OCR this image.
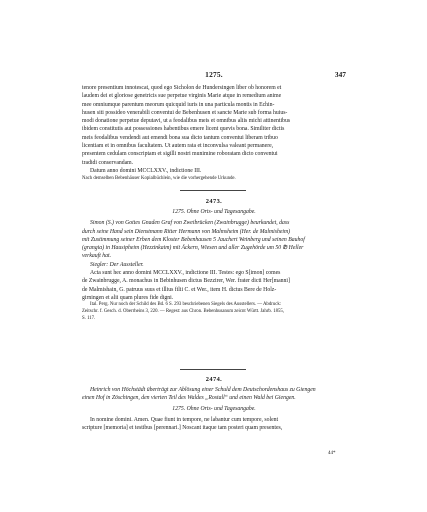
1275.	347
tenore presentium innotescat, quod ego Sicholon de Hundersingen liber ob honorem et
laudem dei et gloriose genetricis sue perpetue virginis Marie atque in remedium anime
mee omniumque parentum meorum quicquid iuris in una particula montis in Echin-
husen siti possideo venerabili conventui de Bebenhusen et sancte Marie sub forma huius-
modi donatione perpetue deputavi, ut a feodalibus meis et omnibus aliis michi attinentibus
ibidem constitutis aut possessiones habentibus emere licent quevis bona. Similiter dictis
meis feodalibus vendendi aut emendi bona sua dicto tantum conventui liberam tribuo
licentiam et in omnibus facultatem. Ut autem rata et inconvulsa valeant permanere,
presentem cedulam conscriptam et sigilli nostri munimine roboratam dicto conventui
tradidi conservandam.
Datum anno domini MCCLXXV., indictione III.
Nach demselben Bebenhäuser Kopialbüchlein, wie die vorhergehende Urkunde.
2473.
1275. Ohne Orts- und Tagesangabe.
Simon (S.) von Gottes Gnaden Graf von Zweibrücken (Zwainbrugge) beurkundet, dass
durch seine Hand sein Dienstmann Ritter Hermann von Malmsheim (Her. de Malmisheim)
mit Zustimmung seiner Erben dem Kloster Bebenhausen 5 Jauchert Weinberg und seinen Bauhof
(grangia) in Hausipheim (Hezzinkaim) mit Äckern, Wiesen und aller Zugehörde um 50 ℔ Heller
verkauft hat.
Siegler: Der Aussteller.
Acta sunt hec anno domini MCCLXXV., indictione III. Testes: ego S[imon] comes
de Zwainbrugge, A. monachus in Bebinhusen dictus Bezzirer, Wer. frater dicti Her[manni]
de Malmishain, G. patruus suus et illius filii C. et Wer., item H. dictus Bere de Holz-
girningen et alii quam plures fide digni.
Ital. Perg. Nur noch der Schild des Bd. 6 S. 293 beschriebenen Siegels des Ausstellers. — Abdruck:
Zeitschr. f. Gesch. d. Oberrheins 3, 220. — Regest: aus Chron. Bebenhusanum zeicnt Württ. Jahrb. 1855,
S. 117.
2474.
Heinrich von Höchstädt überträgt zur Ablösung einer Schuld dem Deutschordenshaus zu Giengen
einen Hof in Zöschingen, den vierten Teil des Waldes „Rostall“ und einen Wald bei Giengen.
1275. Ohne Orts- und Tagesangabe.
In nomine domini. Amen. Quae fiunt in tempore, ne labantur cum tempore, solent
scripture [memoria] et testibus [perennari.] Noscant itaque tam posteri quam presentes,
44*
